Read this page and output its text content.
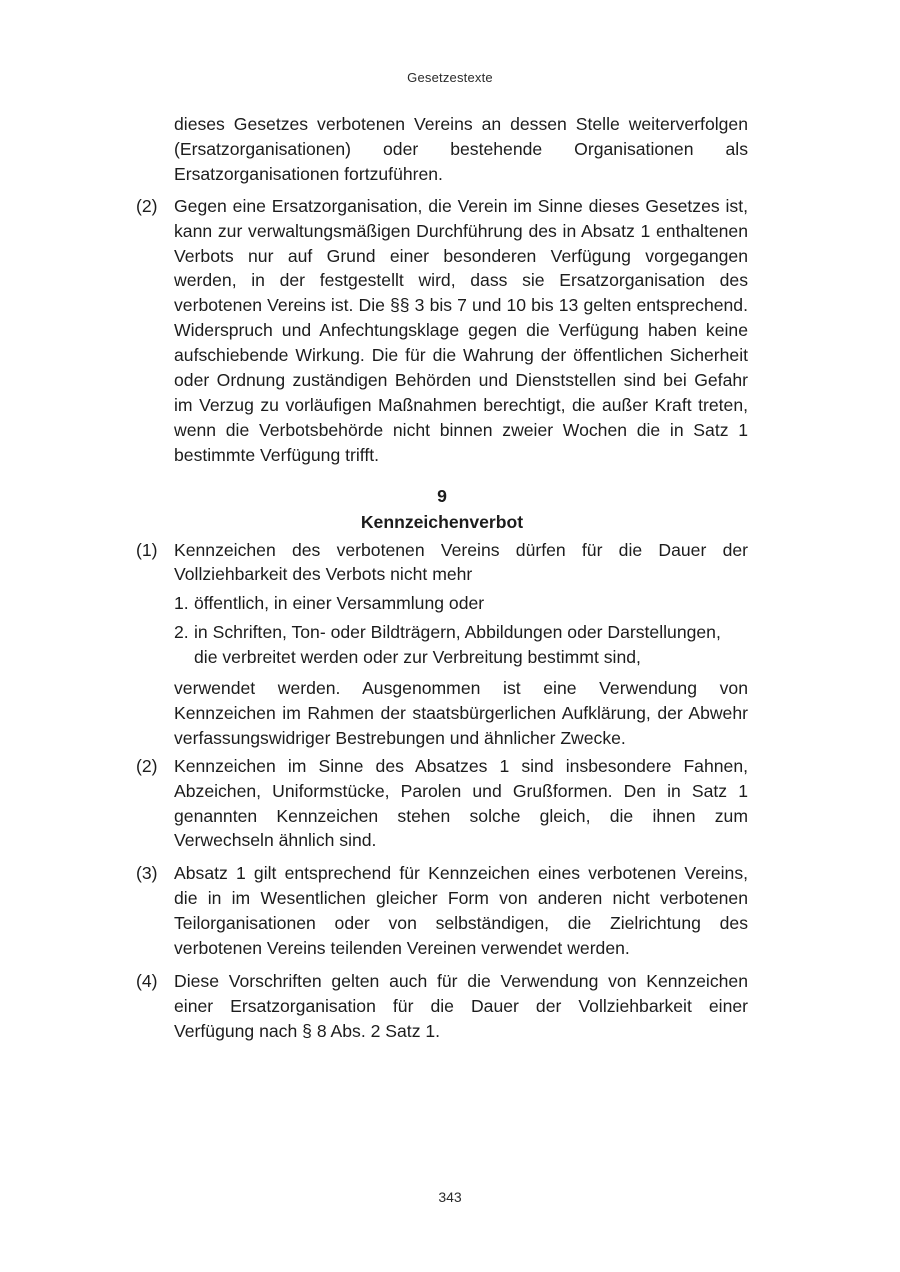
Gesetzestexte

dieses Gesetzes verbotenen Vereins an dessen Stelle weiterverfolgen (Ersatzorganisationen) oder bestehende Organisationen als Ersatzorganisationen fortzuführen.

(2) Gegen eine Ersatzorganisation, die Verein im Sinne dieses Gesetzes ist, kann zur verwaltungsmäßigen Durchführung des in Absatz 1 enthaltenen Verbots nur auf Grund einer besonderen Verfügung vorgegangen werden, in der festgestellt wird, dass sie Ersatzorganisation des verbotenen Vereins ist. Die §§ 3 bis 7 und 10 bis 13 gelten entsprechend. Widerspruch und Anfechtungsklage gegen die Verfügung haben keine aufschiebende Wirkung. Die für die Wahrung der öffentlichen Sicherheit oder Ordnung zuständigen Behörden und Dienststellen sind bei Gefahr im Verzug zu vorläufigen Maßnahmen berechtigt, die außer Kraft treten, wenn die Verbotsbehörde nicht binnen zweier Wochen die in Satz 1 bestimmte Verfügung trifft.

9

Kennzeichenverbot

(1) Kennzeichen des verbotenen Vereins dürfen für die Dauer der Vollziehbarkeit des Verbots nicht mehr
1. öffentlich, in einer Versammlung oder
2. in Schriften, Ton- oder Bildträgern, Abbildungen oder Darstellungen, die verbreitet werden oder zur Verbreitung bestimmt sind,

verwendet werden. Ausgenommen ist eine Verwendung von Kennzeichen im Rahmen der staatsbürgerlichen Aufklärung, der Abwehr verfassungswidriger Bestrebungen und ähnlicher Zwecke.

(2) Kennzeichen im Sinne des Absatzes 1 sind insbesondere Fahnen, Abzeichen, Uniformstücke, Parolen und Grußformen. Den in Satz 1 genannten Kennzeichen stehen solche gleich, die ihnen zum Verwechseln ähnlich sind.
(3) Absatz 1 gilt entsprechend für Kennzeichen eines verbotenen Vereins, die in im Wesentlichen gleicher Form von anderen nicht verbotenen Teilorganisationen oder von selbständigen, die Zielrichtung des verbotenen Vereins teilenden Vereinen verwendet werden.
(4) Diese Vorschriften gelten auch für die Verwendung von Kennzeichen einer Ersatzorganisation für die Dauer der Vollziehbarkeit einer Verfügung nach § 8 Abs. 2 Satz 1.
343
